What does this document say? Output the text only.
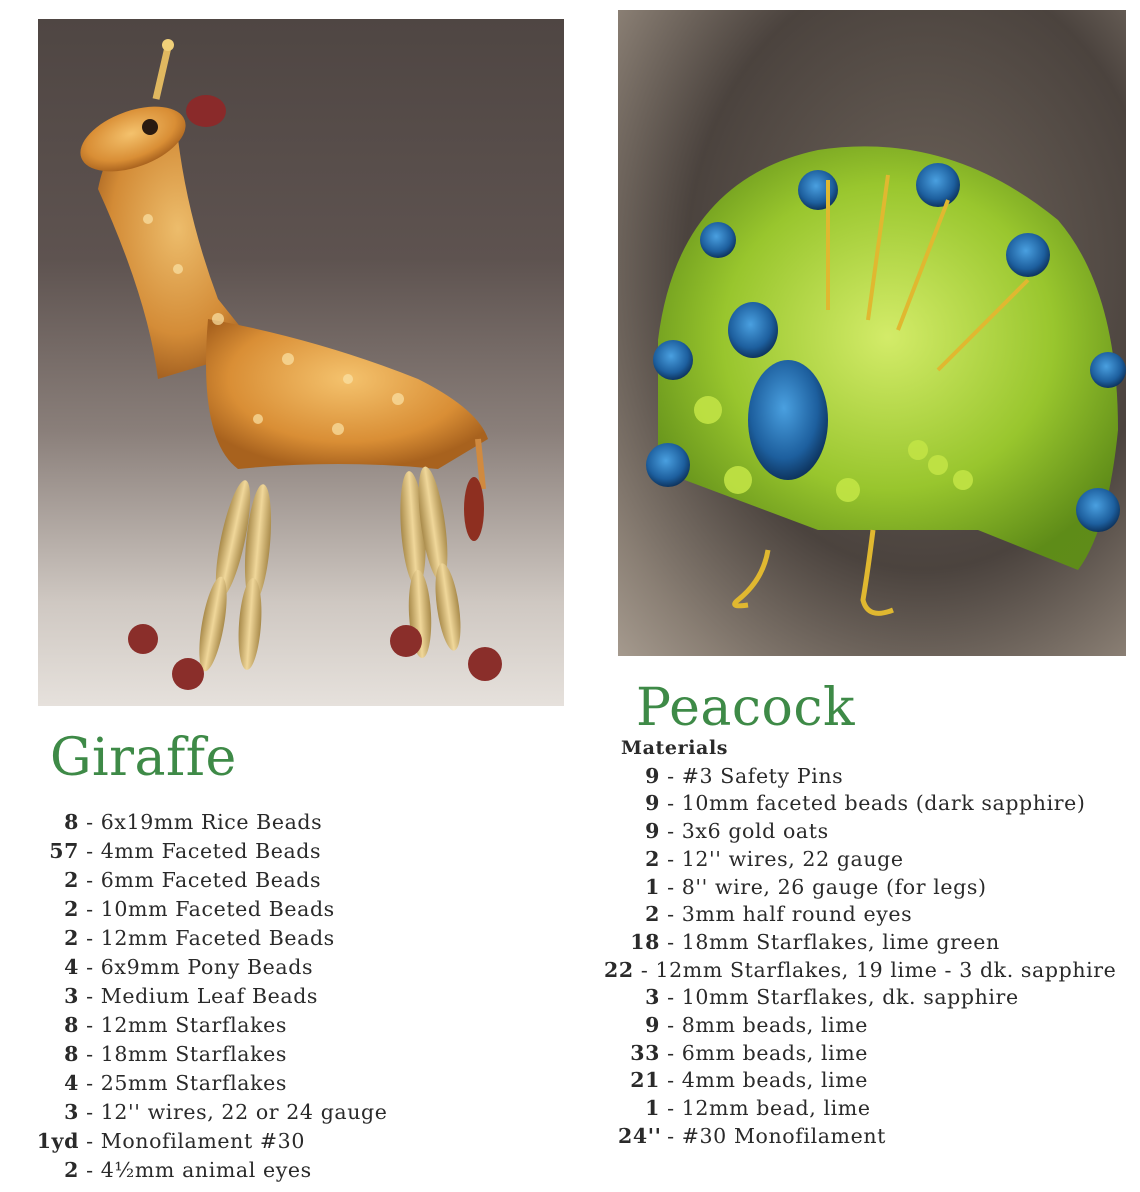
Giraffe
8 - 6x19mm Rice Beads
57 - 4mm Faceted Beads
2 - 6mm Faceted Beads
2 - 10mm Faceted Beads
2 - 12mm Faceted Beads
4 - 6x9mm Pony Beads
3 - Medium Leaf Beads
8 - 12mm Starflakes
8 - 18mm Starflakes
4 - 25mm Starflakes
3 - 12'' wires, 22 or 24 gauge
1yd - Monofilament #30
2 - 4½mm animal eyes
Peacock
Materials
9 - #3 Safety Pins
9 - 10mm faceted beads (dark sapphire)
9 - 3x6 gold oats
2 - 12'' wires, 22 gauge
1 - 8'' wire, 26 gauge (for legs)
2 - 3mm half round eyes
18 - 18mm Starflakes, lime green
22 - 12mm Starflakes, 19 lime - 3 dk. sapphire
3 - 10mm Starflakes, dk. sapphire
9 - 8mm beads, lime
33 - 6mm beads, lime
21 - 4mm beads, lime
1 - 12mm bead, lime
24'' - #30 Monofilament
